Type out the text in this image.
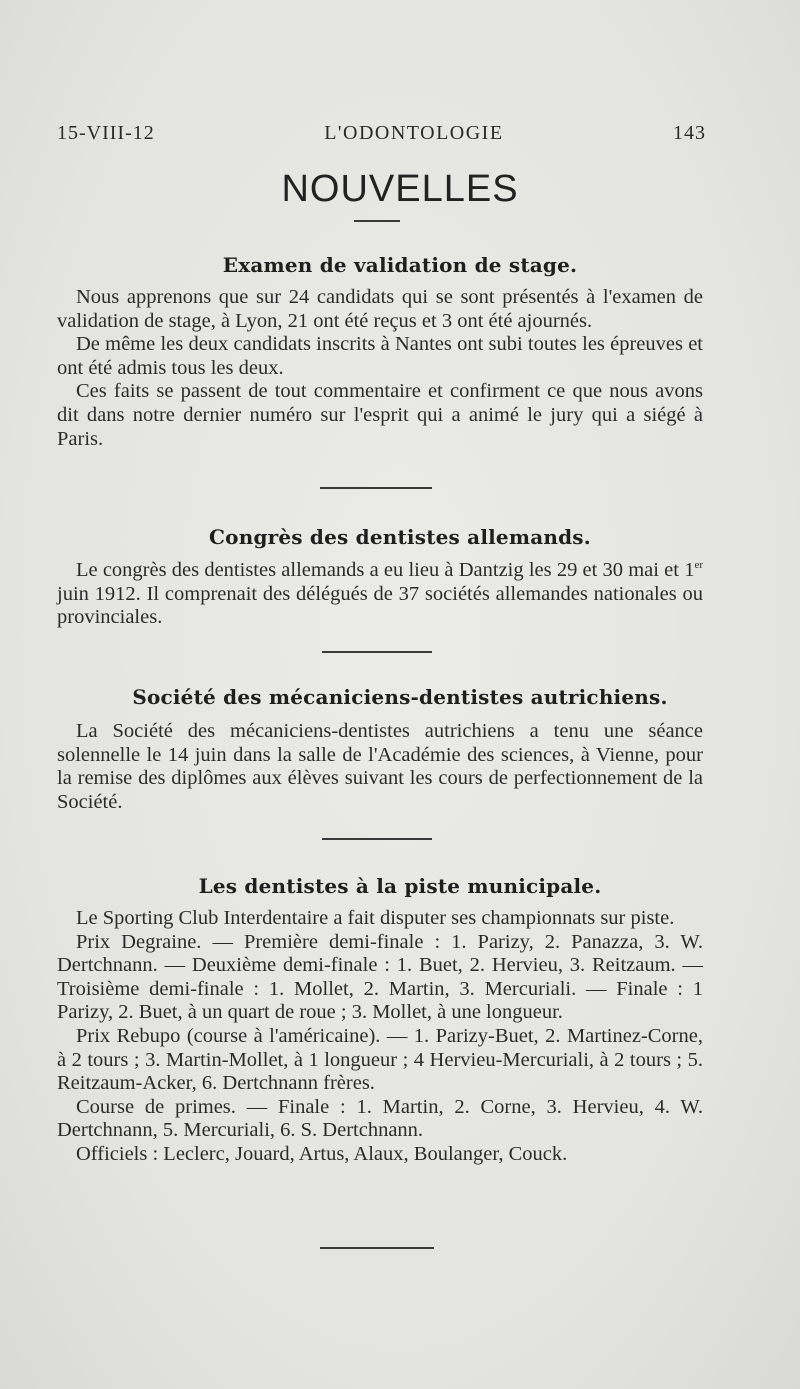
15-VIII-12	L'ODONTOLOGIE	143
NOUVELLES
Examen de validation de stage.

Nous apprenons que sur 24 candidats qui se sont présentés à l'examen de validation de stage, à Lyon, 21 ont été reçus et 3 ont été ajournés.

De même les deux candidats inscrits à Nantes ont subi toutes les épreuves et ont été admis tous les deux.

Ces faits se passent de tout commentaire et confirment ce que nous avons dit dans notre dernier numéro sur l'esprit qui a animé le jury qui a siégé à Paris.

Congrès des dentistes allemands.

Le congrès des dentistes allemands a eu lieu à Dantzig les 29 et 30 mai et 1er juin 1912. Il comprenait des délégués de 37 sociétés allemandes nationales ou provinciales.

Société des mécaniciens-dentistes autrichiens.

La Société des mécaniciens-dentistes autrichiens a tenu une séance solennelle le 14 juin dans la salle de l'Académie des sciences, à Vienne, pour la remise des diplômes aux élèves suivant les cours de perfectionnement de la Société.

Les dentistes à la piste municipale.

Le Sporting Club Interdentaire a fait disputer ses championnats sur piste.

Prix Degraine. — Première demi-finale : 1. Parizy, 2. Panazza, 3. W. Dertchnann. — Deuxième demi-finale : 1. Buet, 2. Hervieu, 3. Reitzaum. — Troisième demi-finale : 1. Mollet, 2. Martin, 3. Mercuriali. — Finale : 1 Parizy, 2. Buet, à un quart de roue ; 3. Mollet, à une longueur.

Prix Rebupo (course à l'américaine). — 1. Parizy-Buet, 2. Martinez-Corne, à 2 tours ; 3. Martin-Mollet, à 1 longueur ; 4 Hervieu-Mercuriali, à 2 tours ; 5. Reitzaum-Acker, 6. Dertchnann frères.

Course de primes. — Finale : 1. Martin, 2. Corne, 3. Hervieu, 4. W. Dertchnann, 5. Mercuriali, 6. S. Dertchnann.

Officiels : Leclerc, Jouard, Artus, Alaux, Boulanger, Couck.
